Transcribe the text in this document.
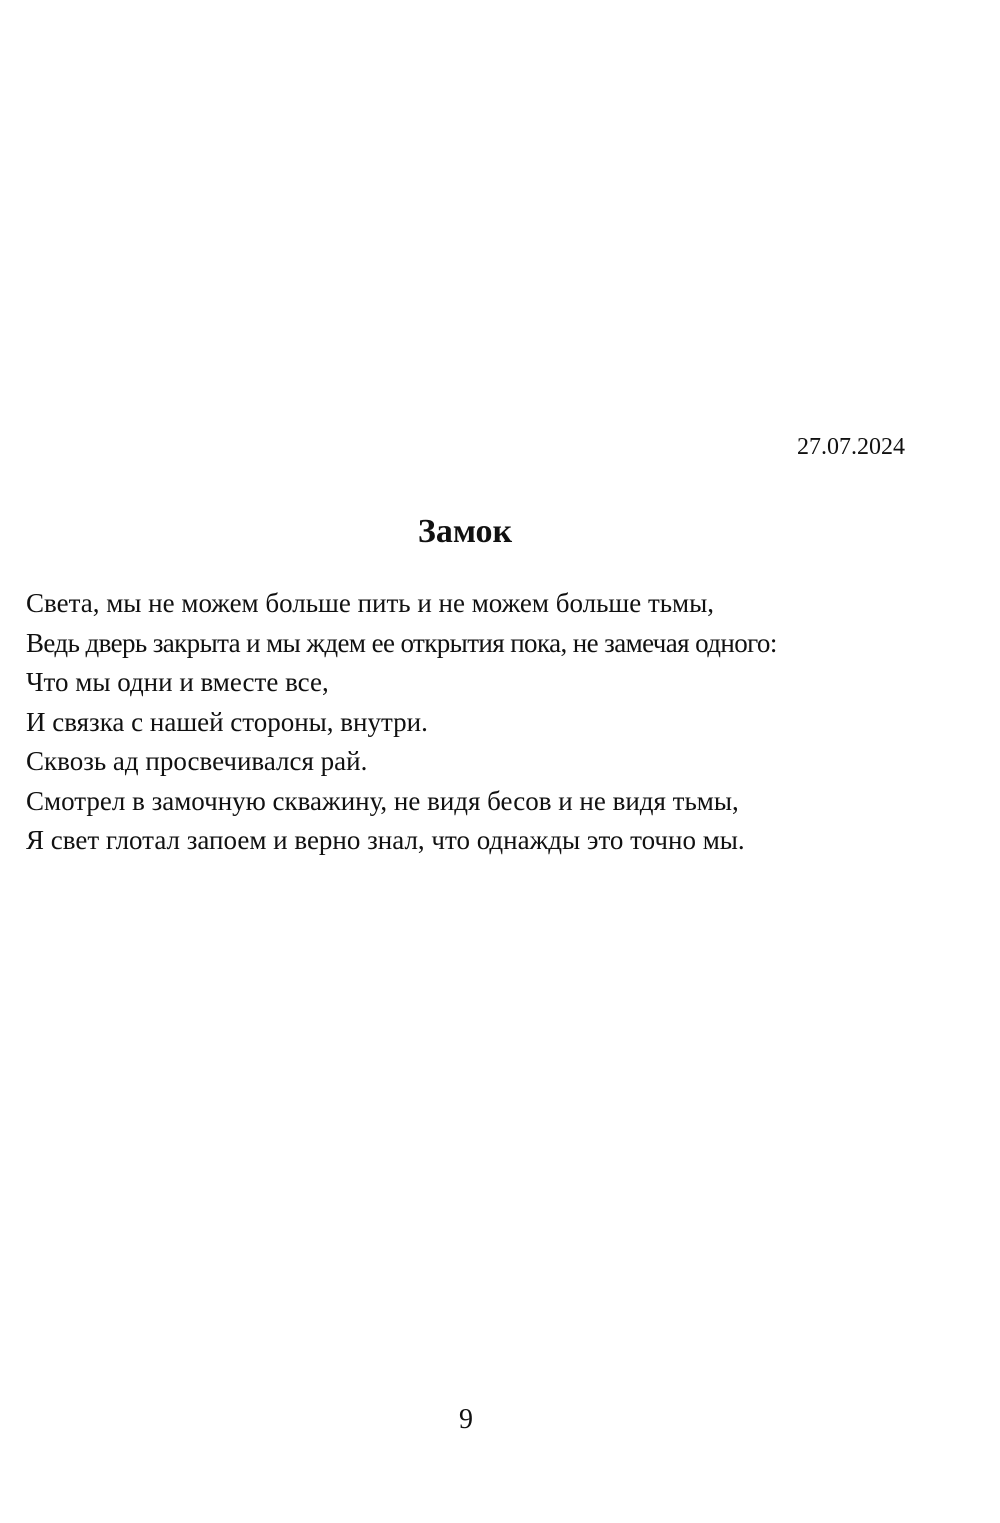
27.07.2024
Замок
Света, мы не можем больше пить и не можем больше тьмы,
Ведь дверь закрыта и мы ждем ее открытия пока, не замечая одного:
Что мы одни и вместе все,
И связка с нашей стороны, внутри.
Сквозь ад просвечивался рай.
Смотрел в замочную скважину, не видя бесов и не видя тьмы,
Я свет глотал запоем и верно знал, что однажды это точно мы.
9
